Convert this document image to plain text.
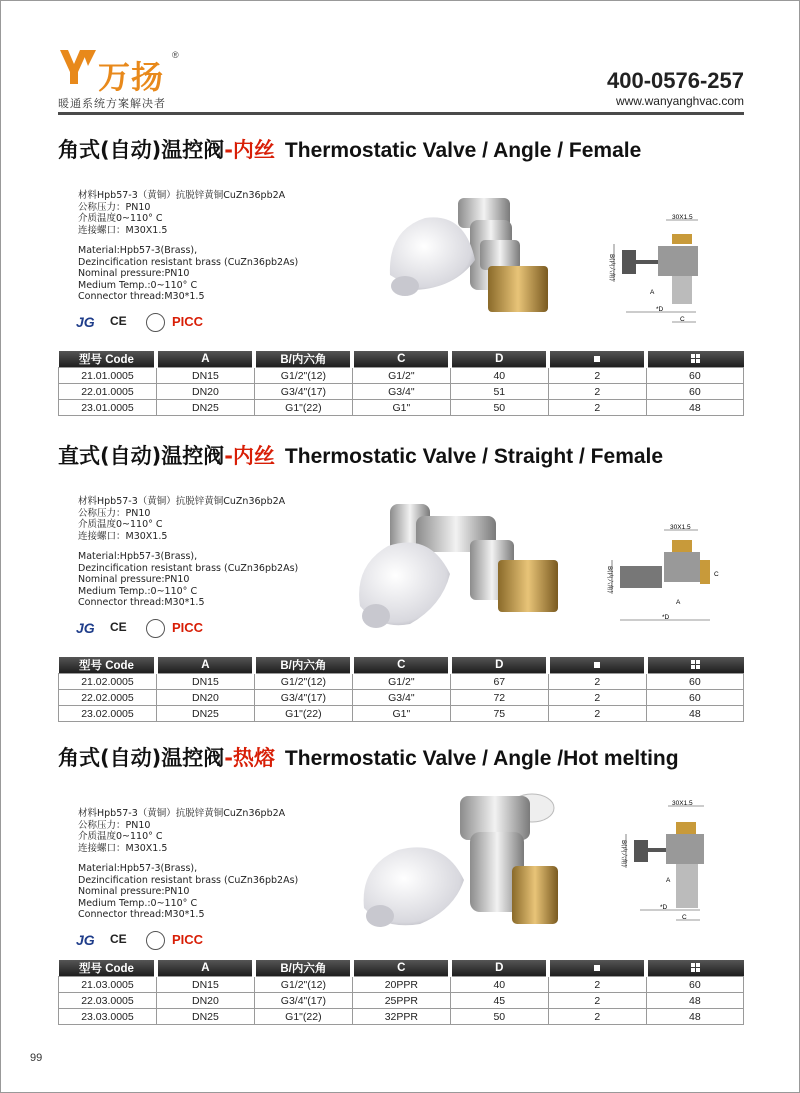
万扬
®
暖通系统方案解决者
400-0576-257
www.wanyanghvac.com
角式(自动)温控阀-内丝 Thermostatic Valve / Angle / Female
材料Hpb57-3（黄铜）抗脱锌黄铜CuZn36pb2A
公称压力：PN10
介质温度0~110° C
连接螺口：M30X1.5
Material:Hpb57-3(Brass),
Dezincification resistant brass (CuZn36pb2As)
Nominal pressure:PN10
Medium Temp.:0~110° C
Connector thread:M30*1.5
JG CE	PICC
30X1.5
B(内六角)
A
*D
C
型号 Code	A	B/内六角	C	D		
21.01.0005	DN15	G1/2"(12)	G1/2"	40	2	60
22.01.0005	DN20	G3/4"(17)	G3/4"	51	2	60
23.01.0005	DN25	G1"(22)	G1"	50	2	48
直式(自动)温控阀-内丝 Thermostatic Valve / Straight / Female
材料Hpb57-3（黄铜）抗脱锌黄铜CuZn36pb2A
公称压力：PN10
介质温度0~110° C
连接螺口：M30X1.5
Material:Hpb57-3(Brass),
Dezincification resistant brass (CuZn36pb2As)
Nominal pressure:PN10
Medium Temp.:0~110° C
Connector thread:M30*1.5
JG CE	PICC
30X1.5
B(内六角)	C
A
*D
型号 Code	A	B/内六角	C	D		
21.02.0005	DN15	G1/2"(12)	G1/2"	67	2	60
22.02.0005	DN20	G3/4"(17)	G3/4"	72	2	60
23.02.0005	DN25	G1"(22)	G1"	75	2	48
角式(自动)温控阀-热熔 Thermostatic Valve / Angle /Hot melting
材料Hpb57-3（黄铜）抗脱锌黄铜CuZn36pb2A
公称压力：PN10
介质温度0~110° C
连接螺口：M30X1.5
Material:Hpb57-3(Brass),
Dezincification resistant brass (CuZn36pb2As)
Nominal pressure:PN10
Medium Temp.:0~110° C
Connector thread:M30*1.5
JG CE	PICC
30X1.5
B(内六角)
*D
C
A
型号 Code	A	B/内六角	C	D		
21.03.0005	DN15	G1/2"(12)	20PPR	40	2	60
22.03.0005	DN20	G3/4"(17)	25PPR	45	2	48
23.03.0005	DN25	G1"(22)	32PPR	50	2	48
99
